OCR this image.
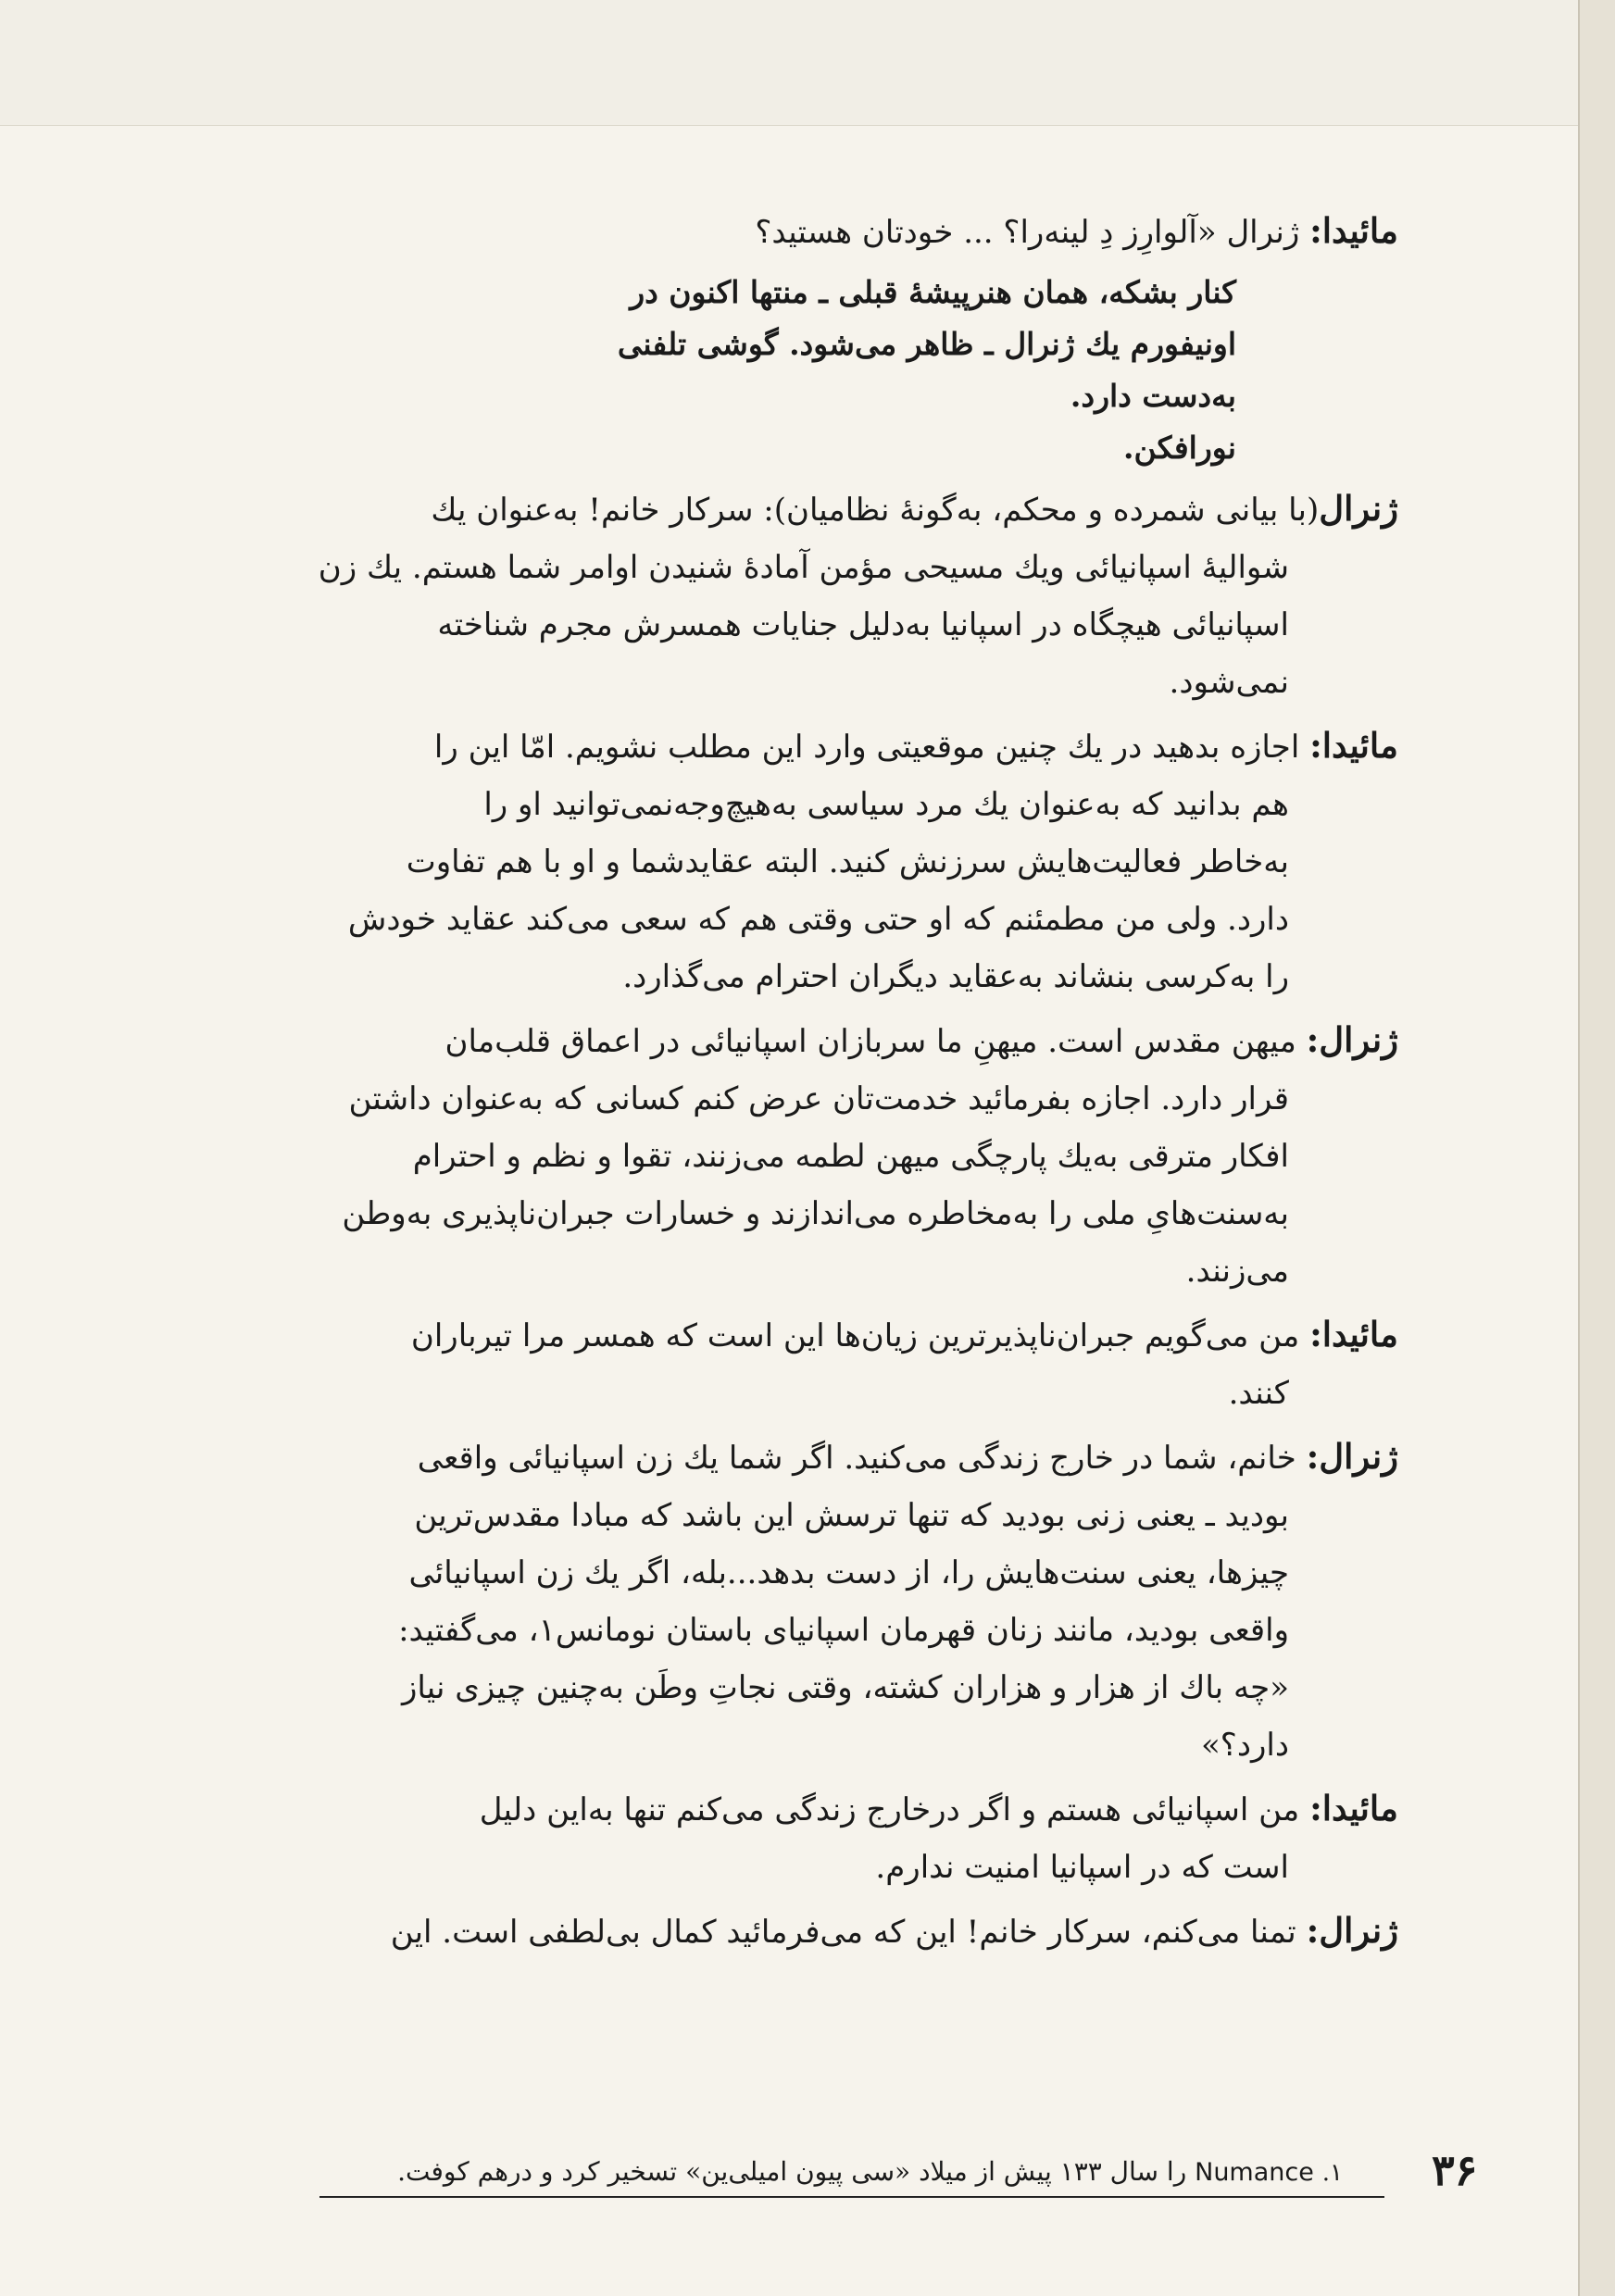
مائیدا: ژنرال «آلوارِز دِ لینه‌را؟ ... خودتان هستید؟

کنار بشکه، همان هنرپیشهٔ قبلی ـ منتها اکنون در
اونیفورم یك ژنرال ـ ظاهر می‌شود. گوشی تلفنی
به‌دست دارد.
نورافکن.

ژنرال(با بیانی شمرده و محکم، به‌گونهٔ نظامیان): سرکار خانم! به‌عنوان یك
شوالیهٔ اسپانیائی ویك مسیحی مؤمن آمادهٔ شنیدن اوامر شما هستم. یك زن
اسپانیائی هیچگاه در اسپانیا به‌دلیل جنایات همسرش مجرم شناخته
نمی‌شود.

مائیدا: اجازه بدهید در یك چنین موقعیتی وارد این مطلب نشویم. امّا این را
هم بدانید که به‌عنوان یك مرد سیاسی به‌هیچ‌وجه‌نمی‌توانید او را
به‌خاطر فعالیت‌هایش سرزنش کنید. البته عقایدشما و او با هم تفاوت
دارد. ولی من مطمئنم که او حتی وقتی هم که سعی می‌کند عقاید خودش
را به‌کرسی بنشاند به‌عقاید دیگران احترام می‌گذارد.

ژنرال: میهن مقدس است. میهنِ ما سربازان اسپانیائی در اعماق قلب‌مان
قرار دارد. اجازه بفرمائید خدمت‌تان عرض کنم کسانی که به‌عنوان داشتن
افکار مترقی به‌یك پارچگی میهن لطمه می‌زنند، تقوا و نظم و احترام
به‌سنت‌هایِ ملی را به‌مخاطره می‌اندازند و خسارات جبران‌ناپذیری به‌وطن
می‌زنند.

مائیدا: من می‌گویم جبران‌ناپذیرترین زیان‌ها این است که همسر مرا تیرباران
کنند.

ژنرال: خانم، شما در خارج زندگی می‌کنید. اگر شما یك زن اسپانیائی واقعی
بودید ـ یعنی زنی بودید که تنها ترسش این باشد که مبادا مقدس‌ترین
چیزها، یعنی سنت‌هایش را، از دست بدهد...بله، اگر یك زن اسپانیائی
واقعی بودید، مانند زنان قهرمان اسپانیای باستان نومانس۱، می‌گفتید:
«چه باك از هزار و هزاران کشته، وقتی نجاتِ وطَن به‌چنین چیزی نیاز
دارد؟»

مائیدا: من اسپانیائی هستم و اگر درخارج زندگی می‌کنم تنها به‌این دلیل
است که در اسپانیا امنیت ندارم.

ژنرال: تمنا می‌کنم، سرکار خانم! این که می‌فرمائید کمال بی‌لطفی است. این

۱. Numance را سال ۱۳۳ پیش از میلاد «سی پیون امیلی‌ین» تسخیر کرد و درهم کوفت.	۳۶
